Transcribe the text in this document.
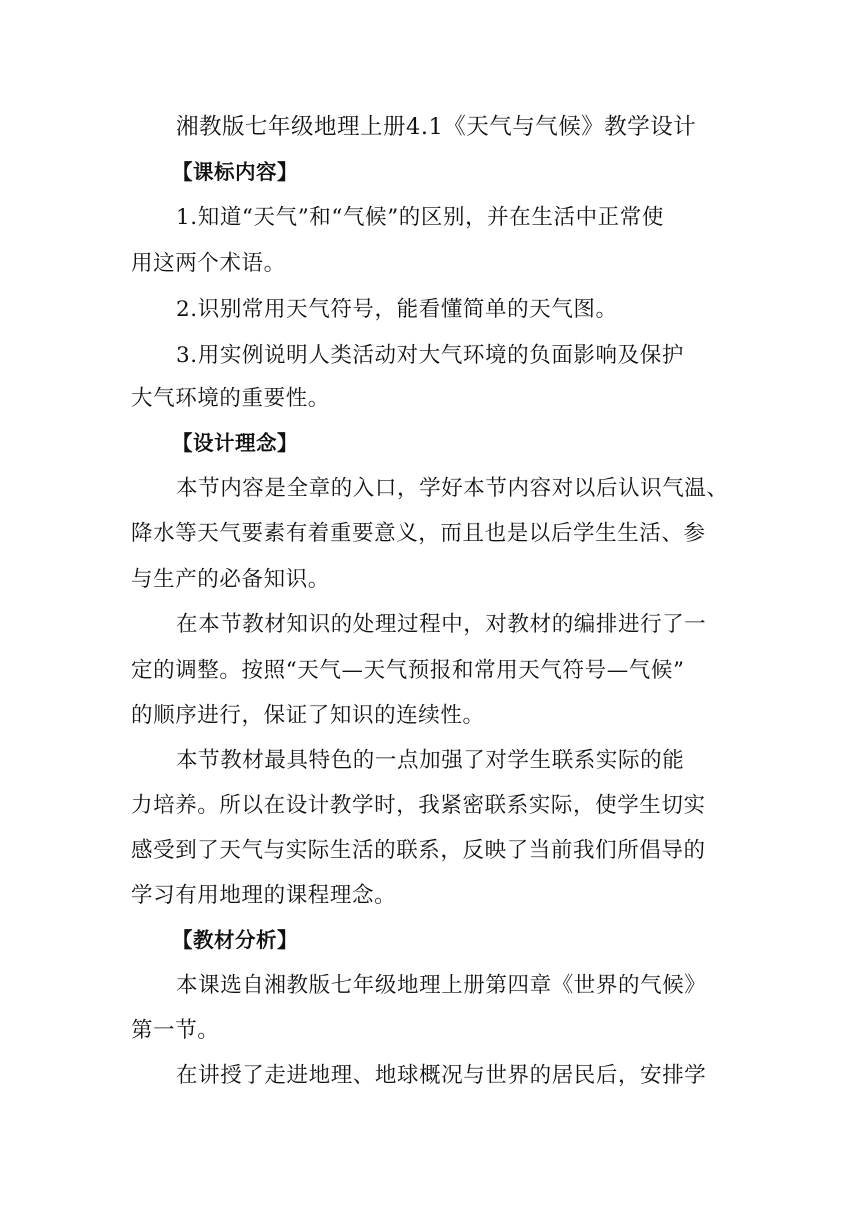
湘教版七年级地理上册4.1《天气与气候》教学设计
【课标内容】
1.知道“天气”和“气候”的区别，并在生活中正常使
用这两个术语。
2.识别常用天气符号，能看懂简单的天气图。
3.用实例说明人类活动对大气环境的负面影响及保护
大气环境的重要性。
【设计理念】
本节内容是全章的入口，学好本节内容对以后认识气温、
降水等天气要素有着重要意义，而且也是以后学生生活、参
与生产的必备知识。
在本节教材知识的处理过程中，对教材的编排进行了一
定的调整。按照“天气—天气预报和常用天气符号—气候”
的顺序进行，保证了知识的连续性。
本节教材最具特色的一点加强了对学生联系实际的能
力培养。所以在设计教学时，我紧密联系实际，使学生切实
感受到了天气与实际生活的联系，反映了当前我们所倡导的
学习有用地理的课程理念。
【教材分析】
本课选自湘教版七年级地理上册第四章《世界的气候》
第一节。
在讲授了走进地理、地球概况与世界的居民后，安排学
